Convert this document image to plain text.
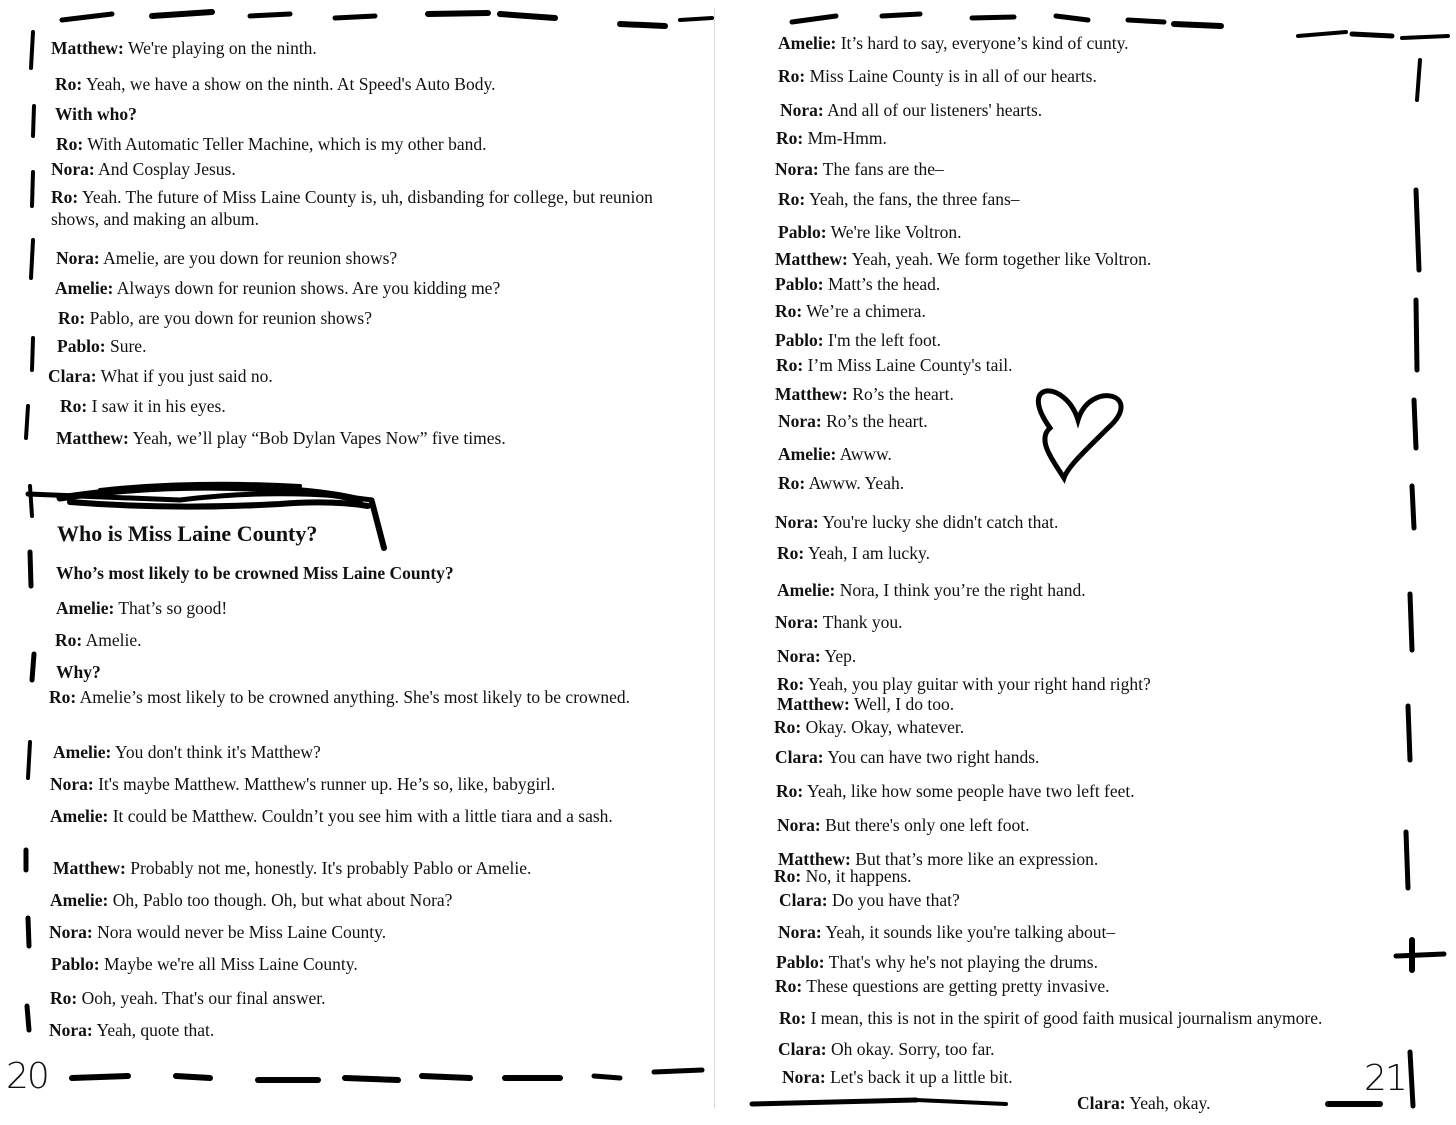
Matthew: We're playing on the ninth.
Ro: Yeah, we have a show on the ninth. At Speed's Auto Body.
With who?
Ro: With Automatic Teller Machine, which is my other band.
Nora: And Cosplay Jesus.
Ro: Yeah. The future of Miss Laine County is, uh, disbanding for college, but reunion shows, and making an album.
Nora: Amelie, are you down for reunion shows?
Amelie: Always down for reunion shows. Are you kidding me?
Ro: Pablo, are you down for reunion shows?
Pablo: Sure.
Clara: What if you just said no.
Ro: I saw it in his eyes.
Matthew: Yeah, we’ll play “Bob Dylan Vapes Now” five times.
Who is Miss Laine County?
Who’s most likely to be crowned Miss Laine County?
Amelie: That’s so good!
Ro: Amelie.
Why?
Ro: Amelie’s most likely to be crowned anything. She's most likely to be crowned.
Amelie: You don't think it's Matthew?
Nora: It's maybe Matthew. Matthew's runner up. He’s so, like, babygirl.
Amelie: It could be Matthew. Couldn’t you see him with a little tiara and a sash.
Matthew: Probably not me, honestly. It's probably Pablo or Amelie.
Amelie: Oh, Pablo too though. Oh, but what about Nora?
Nora: Nora would never be Miss Laine County.
Pablo: Maybe we're all Miss Laine County.
Ro: Ooh, yeah. That's our final answer.
Nora: Yeah, quote that.
20
Amelie: It’s hard to say, everyone’s kind of cunty.
Ro: Miss Laine County is in all of our hearts.
Nora: And all of our listeners' hearts.
Ro: Mm-Hmm.
Nora: The fans are the–
Ro: Yeah, the fans, the three fans–
Pablo: We're like Voltron.
Matthew: Yeah, yeah. We form together like Voltron.
Pablo: Matt’s the head.
Ro: We’re a chimera.
Pablo: I'm the left foot.
Ro: I’m Miss Laine County's tail.
Matthew: Ro’s the heart.
Nora: Ro’s the heart.
Amelie: Awww.
Ro: Awww. Yeah.
Nora: You're lucky she didn't catch that.
Ro: Yeah, I am lucky.
Amelie: Nora, I think you’re the right hand.
Nora: Thank you.
Nora: Yep.
Ro: Yeah, you play guitar with your right hand right?
Matthew: Well, I do too.
Ro: Okay. Okay, whatever.
Clara: You can have two right hands.
Ro: Yeah, like how some people have two left feet.
Nora: But there's only one left foot.
Matthew: But that’s more like an expression.
Ro: No, it happens.
Clara: Do you have that?
Nora: Yeah, it sounds like you're talking about–
Pablo: That's why he's not playing the drums.
Ro: These questions are getting pretty invasive.
Ro: I mean, this is not in the spirit of good faith musical journalism anymore.
Clara: Oh okay. Sorry, too far.
Nora: Let's back it up a little bit.
Clara: Yeah, okay.
21
